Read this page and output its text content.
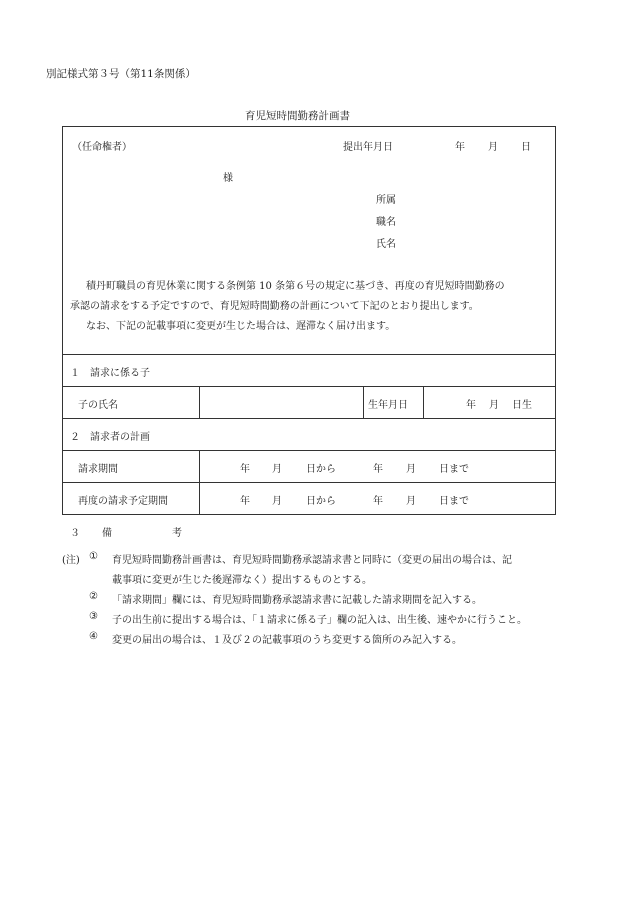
別記様式第３号（第11条関係）
育児短時間勤務計画書
（任命権者）	提出年月日	年 月 日
様
所属
職名
氏名
積丹町職員の育児休業に関する条例第 10 条第６号の規定に基づき、再度の育児短時間勤務の
承認の請求をする予定ですので、育児短時間勤務の計画について下記のとおり提出します。
なお、下記の記載事項に変更が生じた場合は、遅滞なく届け出ます。
１　請求に係る子
子の氏名	生年月日	年 月 日生
２　請求者の計画
請求期間	年 月 日から	年 月 日まで
再度の請求予定期間	年 月 日から	年 月 日まで
３ 備	考
(注) ① 育児短時間勤務計画書は、育児短時間勤務承認請求書と同時に（変更の届出の場合は、記
載事項に変更が生じた後遅滞なく）提出するものとする。
② 「請求期間」欄には、育児短時間勤務承認請求書に記載した請求期間を記入する。
③ 子の出生前に提出する場合は、「１請求に係る子」欄の記入は、出生後、速やかに行うこと。
④ 変更の届出の場合は、１及び２の記載事項のうち変更する箇所のみ記入する。
